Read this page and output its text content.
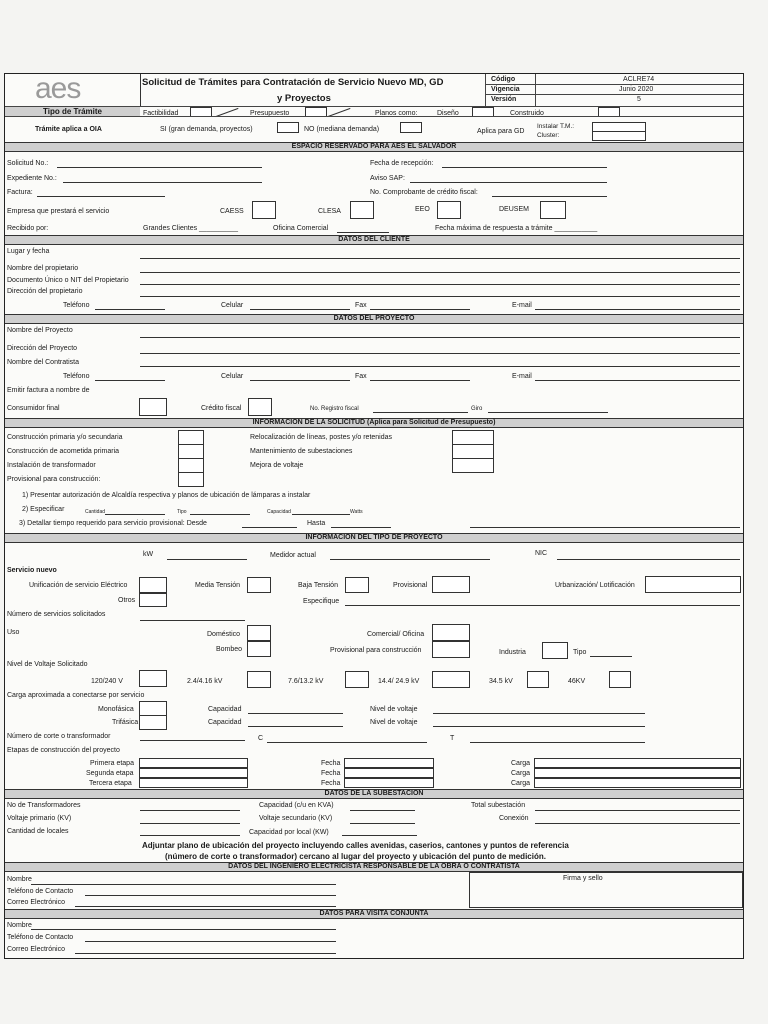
aes	Solicitud de Trámites para Contratación de Servicio Nuevo MD, GD
y Proyectos
Código	ACLRE74
Vigencia	Junio 2020
Versión	5
Tipo de Trámite	Factibilidad	Presupuesto	Planos como:	Diseño	Construido
Trámite aplica a OIA	SI (gran demanda, proyectos)	NO (mediana demanda)	Aplica para GD
Instalar T.M.:
Cluster:
ESPACIO RESERVADO PARA AES EL SALVADOR
Solicitud No.:	Fecha de recepción:
Expediente No.:	Aviso SAP:
Factura:	No. Comprobante de crédito fiscal:
Empresa que prestará el servicio	CAESS	CLESA	EEO	DEUSEM
Recibido por:	Grandes Clientes __________	Oficina Comercial	Fecha máxima de respuesta a trámite ___________
DATOS DEL CLIENTE
Lugar y fecha
Nombre del propietario
Documento Único o NIT del Propietario
Dirección del propietario
Teléfono	Celular	Fax	E-mail
DATOS DEL PROYECTO
Nombre del Proyecto
Dirección del Proyecto
Nombre del Contratista
Teléfono	Celular	Fax	E-mail
Emitir factura a nombre de
Consumidor final	Crédito fiscal	No. Registro fiscal	Giro
INFORMACION DE LA SOLICITUD (Aplica para Solicitud de Presupuesto)
Construcción primaria y/o secundaria
Construcción de acometida primaria
Instalación de transformador
Provisional para construcción:
Relocalización de líneas, postes y/o retenidas
Mantenimiento de subestaciones
Mejora de voltaje
1) Presentar autorización de Alcaldía respectiva y planos de ubicación de lámparas a instalar
2) Especificar	Cantidad	Tipo	Capacidad	Watts
3) Detallar tiempo requerido para servicio provisional: Desde	Hasta
INFORMACION DEL TIPO DE PROYECTO
kW	Medidor actual	NIC
Servicio nuevo
Unificación de servicio Eléctrico	Media Tensión	Baja Tensión	Provisional	Urbanización/ Lotificación
Otros	Especifique
Número de servicios solicitados
Uso	Doméstico	Comercial/ Oficina
Bombeo	Provisional para construcción	Industria	Tipo
Nivel de Voltaje Solicitado
120/240 V	2.4/4.16 kV	7.6/13.2 kV	14.4/ 24.9 kV	34.5 kV	46KV
Carga aproximada a conectarse por servicio
Monofásica	Capacidad	Nivel de voltaje
Trifásica	Capacidad	Nivel de voltaje
Número de corte o transformador	C	T
Etapas de construcción del proyecto
Primera etapa	Fecha	Carga
Segunda etapa	Fecha	Carga
Tercera etapa	Fecha	Carga
DATOS DE LA SUBESTACION
No de Transformadores	Capacidad (c/u en KVA)	Total subestación
Voltaje primario (KV)	Voltaje secundario (KV)	Conexión
Cantidad de locales	Capacidad por local (KW)
Adjuntar plano de ubicación del proyecto incluyendo calles avenidas, caserios, cantones y puntos de referencia
(número de corte o transformador) cercano al lugar del proyecto y ubicación del punto de medición.
DATOS DEL INGENIERO ELECTRICISTA RESPONSABLE DE LA OBRA O CONTRATISTA
Nombre
Teléfono de Contacto
Correo Electrónico
Firma y sello
DATOS PARA VISITA CONJUNTA
Nombre
Teléfono de Contacto
Correo Electrónico
